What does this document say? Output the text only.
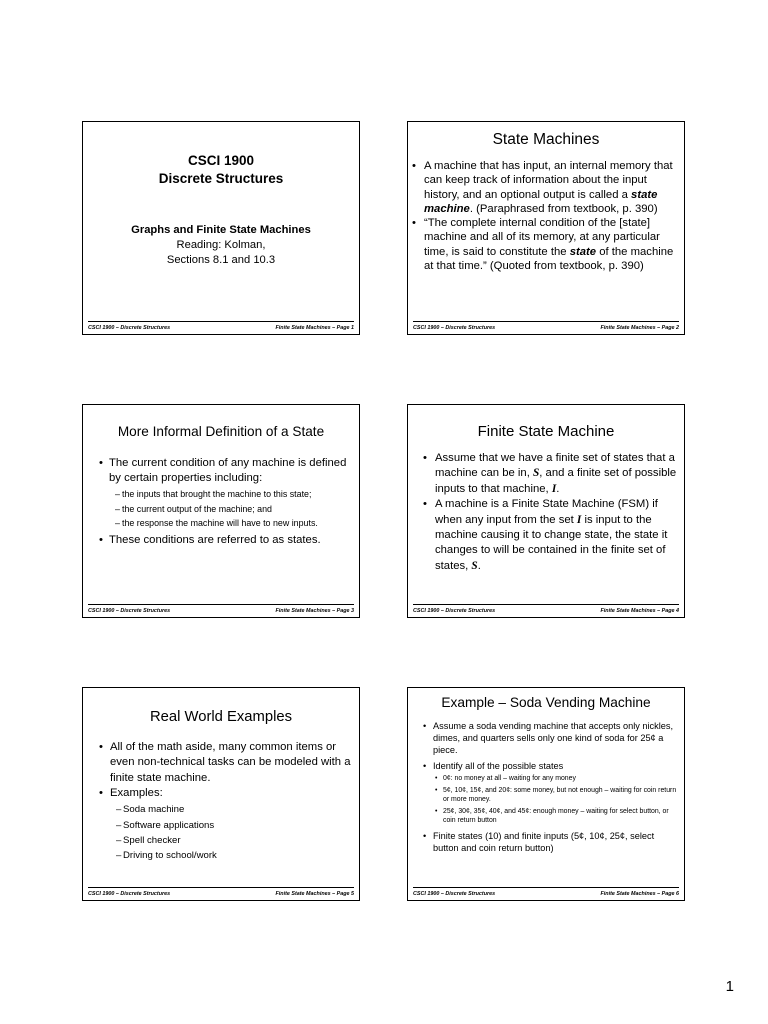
CSCI 1900
Discrete Structures
Graphs and Finite State Machines
Reading: Kolman,
Sections 8.1 and 10.3
CSCI 1900 – Discrete Structures	Finite State Machines – Page 1
State Machines
• A machine that has input, an internal memory that can keep track of information about the input history, and an optional output is called a state machine. (Paraphrased from textbook, p. 390)
• “The complete internal condition of the [state] machine and all of its memory, at any particular time, is said to constitute the state of the machine at that time.” (Quoted from textbook, p. 390)
CSCI 1900 – Discrete Structures	Finite State Machines – Page 2
More Informal Definition of a State
• The current condition of any machine is defined by certain properties including:
– the inputs that brought the machine to this state;
– the current output of the machine; and
– the response the machine will have to new inputs.
• These conditions are referred to as states.
CSCI 1900 – Discrete Structures	Finite State Machines – Page 3
Finite State Machine
• Assume that we have a finite set of states that a machine can be in, S, and a finite set of possible inputs to that machine, I.
• A machine is a Finite State Machine (FSM) if when any input from the set I is input to the machine causing it to change state, the state it changes to will be contained in the finite set of states, S.
CSCI 1900 – Discrete Structures	Finite State Machines – Page 4
Real World Examples
• All of the math aside, many common items or even non-technical tasks can be modeled with a finite state machine.
• Examples:
– Soda machine
– Software applications
– Spell checker
– Driving to school/work
CSCI 1900 – Discrete Structures	Finite State Machines – Page 5
Example – Soda Vending Machine
• Assume a soda vending machine that accepts only nickles, dimes, and quarters sells only one kind of soda for 25¢ a piece.
• Identify all of the possible states
• 0¢: no money at all – waiting for any money
• 5¢, 10¢, 15¢, and 20¢: some money, but not enough – waiting for coin return or more money.
• 25¢, 30¢, 35¢, 40¢, and 45¢: enough money – waiting for select button, or coin return button
• Finite states (10) and finite inputs (5¢, 10¢, 25¢, select button and coin return button)
CSCI 1900 – Discrete Structures	Finite State Machines – Page 6
1
